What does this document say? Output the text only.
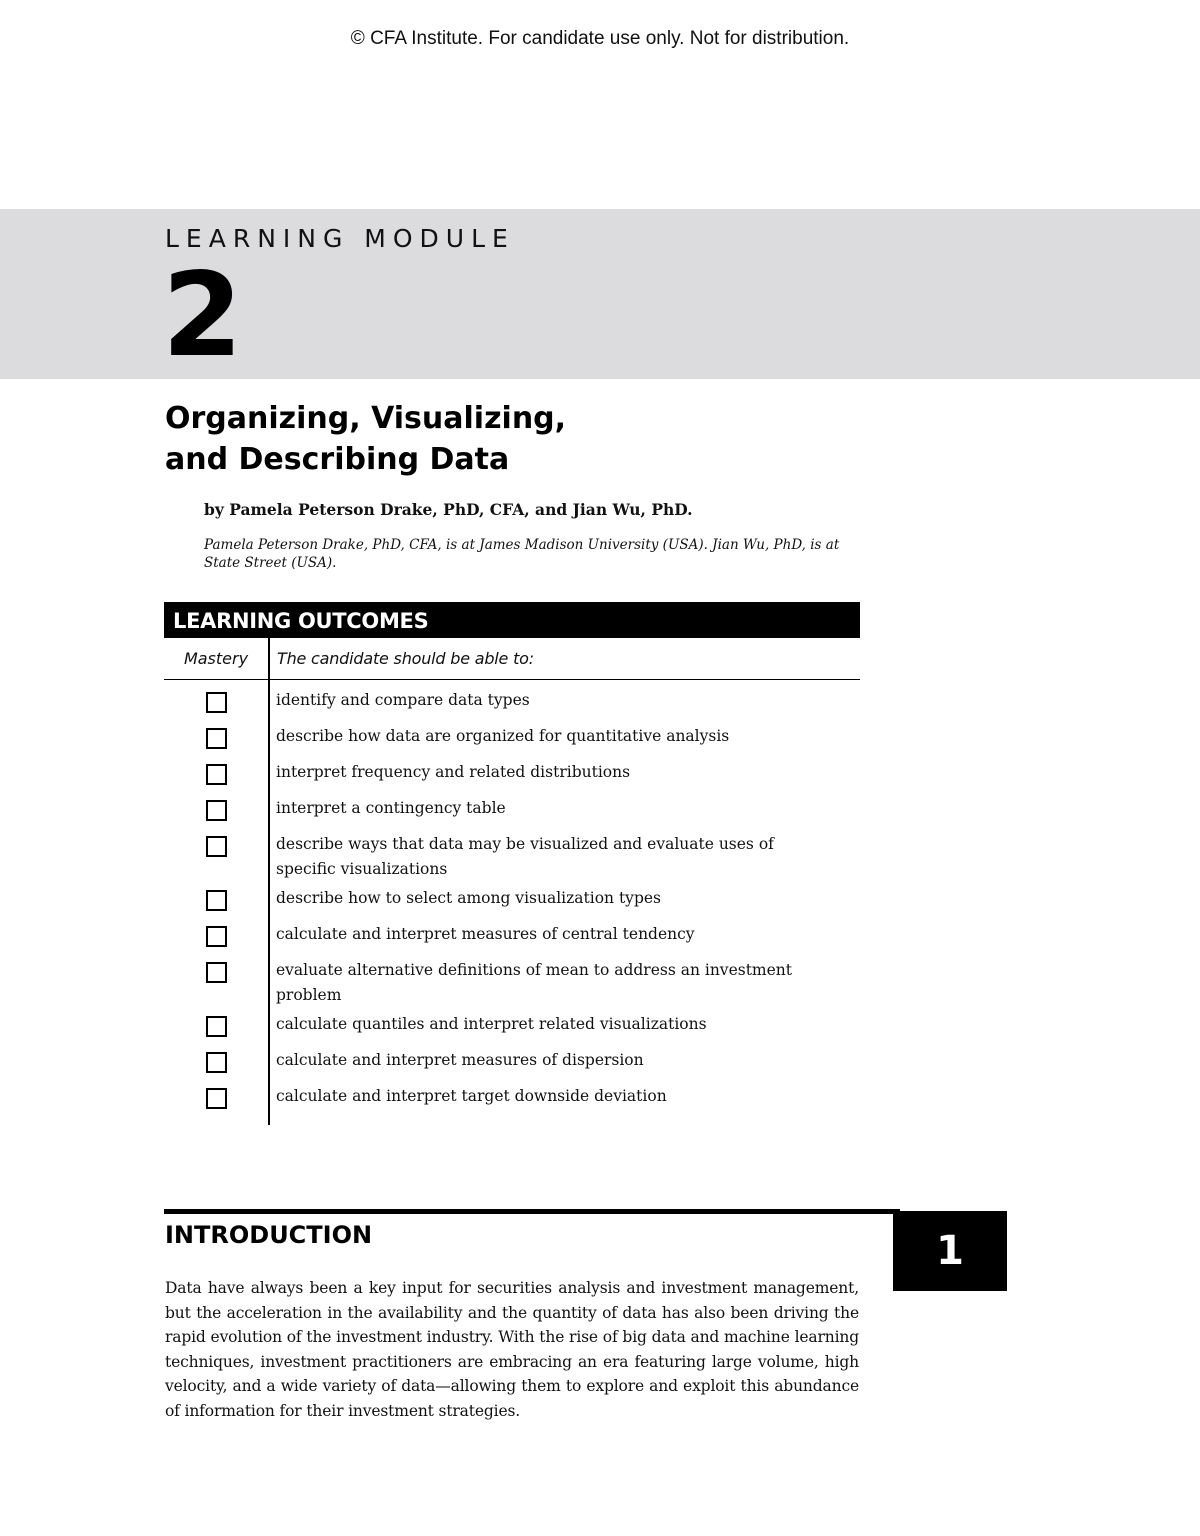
© CFA Institute. For candidate use only. Not for distribution.
LEARNING MODULE
2
Organizing, Visualizing,
and Describing Data
by Pamela Peterson Drake, PhD, CFA, and Jian Wu, PhD.
Pamela Peterson Drake, PhD, CFA, is at James Madison University (USA). Jian Wu, PhD, is at State Street (USA).
LEARNING OUTCOMES
Mastery	The candidate should be able to:
identify and compare data types
describe how data are organized for quantitative analysis
interpret frequency and related distributions
interpret a contingency table
describe ways that data may be visualized and evaluate uses of specific visualizations
describe how to select among visualization types
calculate and interpret measures of central tendency
evaluate alternative definitions of mean to address an investment problem
calculate quantiles and interpret related visualizations
calculate and interpret measures of dispersion
calculate and interpret target downside deviation
INTRODUCTION	1

Data have always been a key input for securities analysis and investment management, but the acceleration in the availability and the quantity of data has also been driving the rapid evolution of the investment industry. With the rise of big data and machine learning techniques, investment practitioners are embracing an era featuring large volume, high velocity, and a wide variety of data—allowing them to explore and exploit this abundance of information for their investment strategies.
